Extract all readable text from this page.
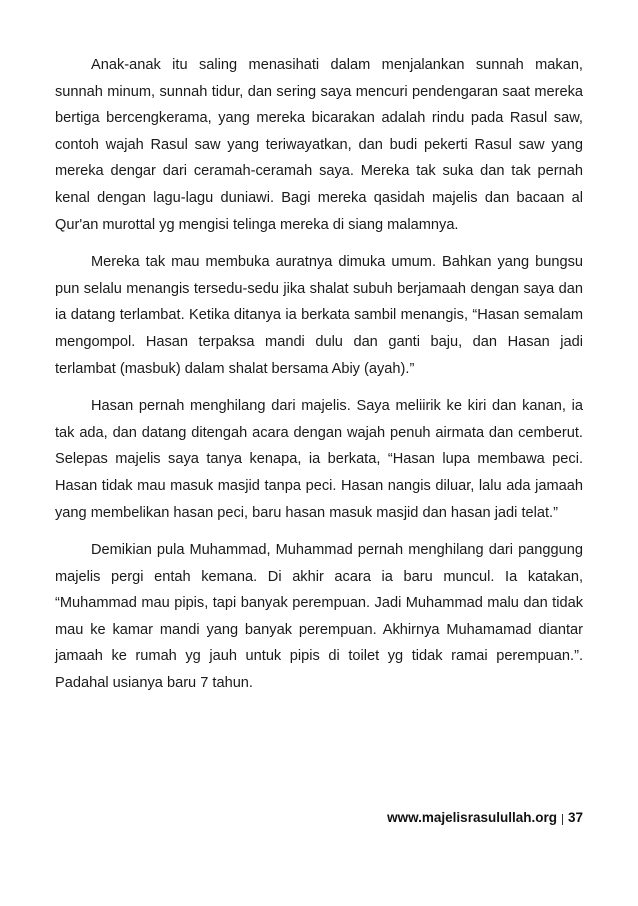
Anak-anak itu saling menasihati dalam menjalankan sunnah makan, sunnah minum, sunnah tidur, dan sering saya mencuri pendengaran saat mereka bertiga bercengkerama, yang mereka bicarakan adalah rindu pada Rasul saw, contoh wajah Rasul saw yang teriwayatkan, dan budi pekerti Rasul saw yang mereka dengar dari ceramah-ceramah saya. Mereka tak suka dan tak pernah kenal dengan lagu-lagu duniawi. Bagi mereka qasidah majelis dan bacaan al Qur'an murottal yg mengisi telinga mereka di siang malamnya.

Mereka tak mau membuka auratnya dimuka umum. Bahkan yang bungsu pun selalu menangis tersedu-sedu jika shalat subuh berjamaah dengan saya dan ia datang terlambat. Ketika ditanya ia berkata sambil menangis, “Hasan semalam mengompol. Hasan terpaksa mandi dulu dan ganti baju, dan Hasan jadi terlambat (masbuk) dalam shalat bersama Abiy (ayah).”

Hasan pernah menghilang dari majelis. Saya meliirik ke kiri dan kanan, ia tak ada, dan datang ditengah acara dengan wajah penuh airmata dan cemberut. Selepas majelis saya tanya kenapa, ia berkata, “Hasan lupa membawa peci. Hasan tidak mau masuk masjid tanpa peci. Hasan nangis diluar, lalu ada jamaah yang membelikan hasan peci, baru hasan masuk masjid dan hasan jadi telat.”

Demikian pula Muhammad, Muhammad pernah menghilang dari panggung majelis pergi entah kemana. Di akhir acara ia baru muncul. Ia katakan, “Muhammad mau pipis, tapi banyak perempuan. Jadi Muhammad malu dan tidak mau ke kamar mandi yang banyak perempuan. Akhirnya Muhamamad diantar jamaah ke rumah yg jauh untuk pipis di toilet yg tidak ramai perempuan.”. Padahal usianya baru 7 tahun.

www.majelisrasulullah.org 37
